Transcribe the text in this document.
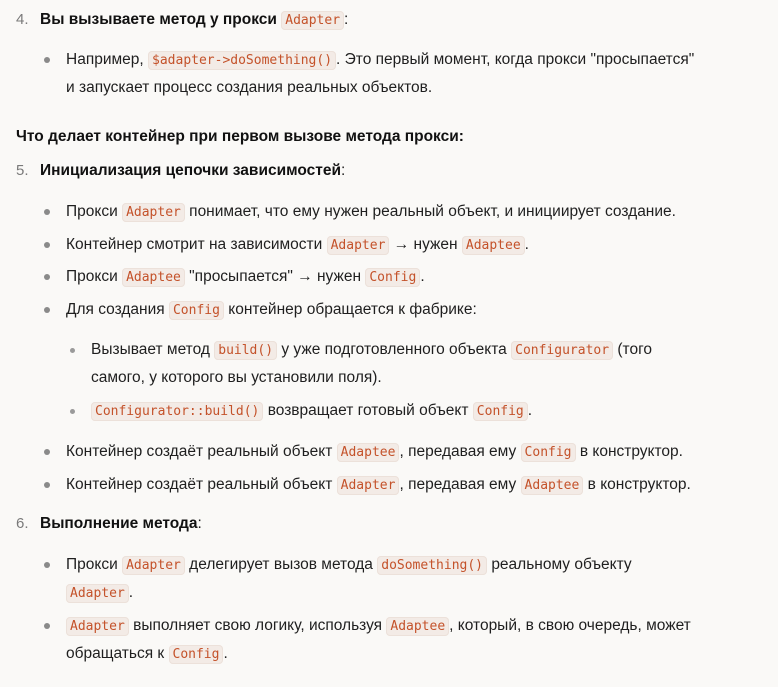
4. Вы вызываете метод у прокси Adapter :
Например, $adapter->doSomething() . Это первый момент, когда прокси "просыпается"
и запускает процесс создания реальных объектов.
Что делает контейнер при первом вызове метода прокси:
5. Инициализация цепочки зависимостей:
Прокси Adapter понимает, что ему нужен реальный объект, и инициирует создание.
Контейнер смотрит на зависимости Adapter → нужен Adaptee .
Прокси Adaptee "просыпается" → нужен Config .
Для создания Config контейнер обращается к фабрике:
Вызывает метод build() у уже подготовленного объекта Configurator (того
самого, у которого вы установили поля).
Configurator::build() возвращает готовый объект Config .
Контейнер создаёт реальный объект Adaptee , передавая ему Config в конструктор.
Контейнер создаёт реальный объект Adapter , передавая ему Adaptee в конструктор.
6. Выполнение метода:
Прокси Adapter делегирует вызов метода doSomething() реальному объекту
Adapter .
Adapter выполняет свою логику, используя Adaptee , который, в свою очередь, может
обращаться к Config .
